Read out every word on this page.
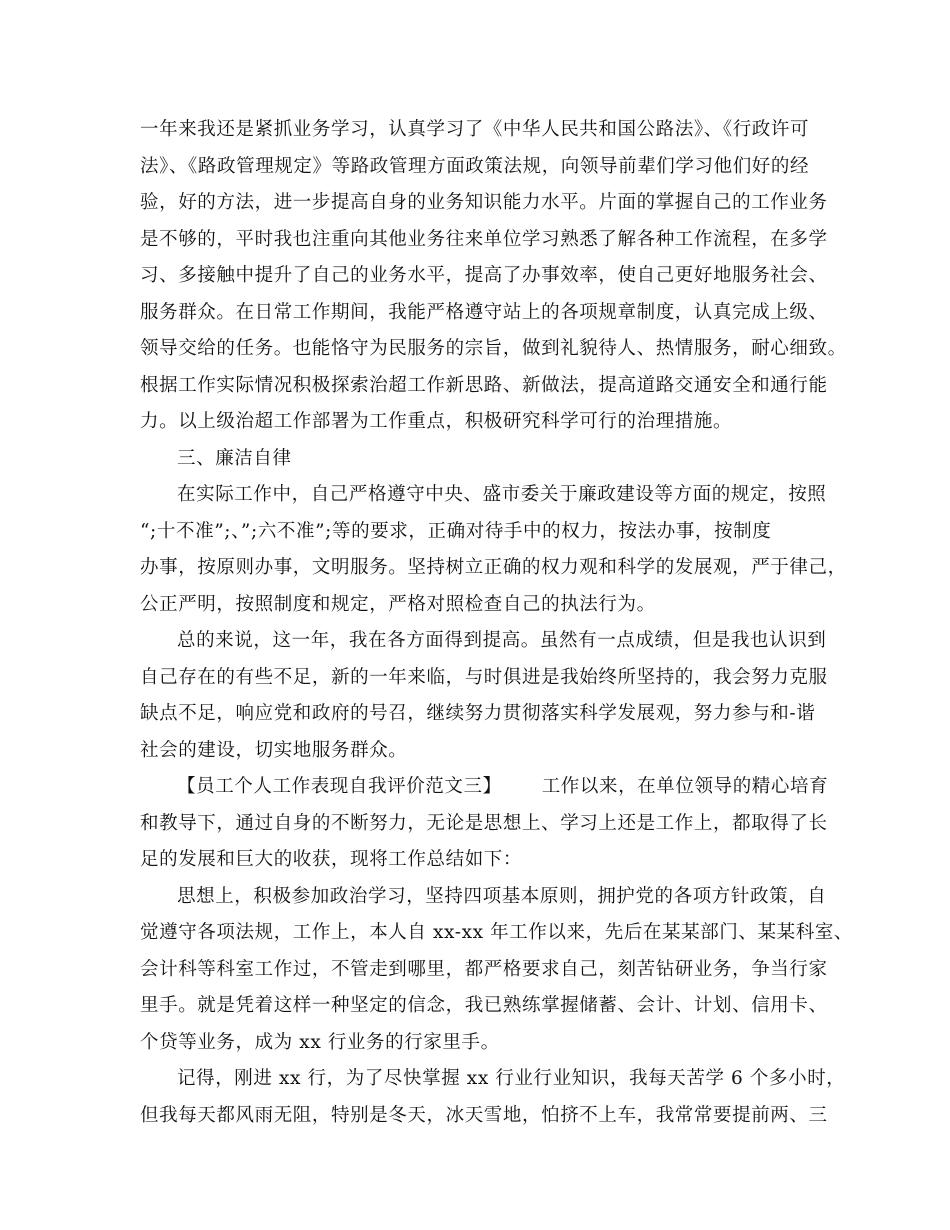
一年来我还是紧抓业务学习，认真学习了《中华人民共和国公路法》、《行政许可
法》、《路政管理规定》等路政管理方面政策法规，向领导前辈们学习他们好的经
验，好的方法，进一步提高自身的业务知识能力水平。片面的掌握自己的工作业务
是不够的，平时我也注重向其他业务往来单位学习熟悉了解各种工作流程，在多学
习、多接触中提升了自己的业务水平，提高了办事效率，使自己更好地服务社会、
服务群众。在日常工作期间，我能严格遵守站上的各项规章制度，认真完成上级、
领导交给的任务。也能恪守为民服务的宗旨，做到礼貌待人、热情服务，耐心细致。
根据工作实际情况积极探索治超工作新思路、新做法，提高道路交通安全和通行能
力。以上级治超工作部署为工作重点，积极研究科学可行的治理措施。
三、廉洁自律
在实际工作中，自己严格遵守中央、盛市委关于廉政建设等方面的规定，按照
“;十不准”;、”;六不准”;等的要求，正确对待手中的权力，按法办事，按制度
办事，按原则办事，文明服务。坚持树立正确的权力观和科学的发展观，严于律己，
公正严明，按照制度和规定，严格对照检查自己的执法行为。
总的来说，这一年，我在各方面得到提高。虽然有一点成绩，但是我也认识到
自己存在的有些不足，新的一年来临，与时俱进是我始终所坚持的，我会努力克服
缺点不足，响应党和政府的号召，继续努力贯彻落实科学发展观，努力参与和-谐
社会的建设，切实地服务群众。
【员工个人工作表现自我评价范文三】 工作以来，在单位领导的精心培育
和教导下，通过自身的不断努力，无论是思想上、学习上还是工作上，都取得了长
足的发展和巨大的收获，现将工作总结如下：
思想上，积极参加政治学习，坚持四项基本原则，拥护党的各项方针政策，自
觉遵守各项法规，工作上，本人自 xx-xx 年工作以来，先后在某某部门、某某科室、
会计科等科室工作过，不管走到哪里，都严格要求自己，刻苦钻研业务，争当行家
里手。就是凭着这样一种坚定的信念，我已熟练掌握储蓄、会计、计划、信用卡、
个贷等业务，成为 xx 行业务的行家里手。
记得，刚进 xx 行，为了尽快掌握 xx 行业行业知识，我每天苦学 6 个多小时，
但我每天都风雨无阻，特别是冬天，冰天雪地，怕挤不上车，我常常要提前两、三
